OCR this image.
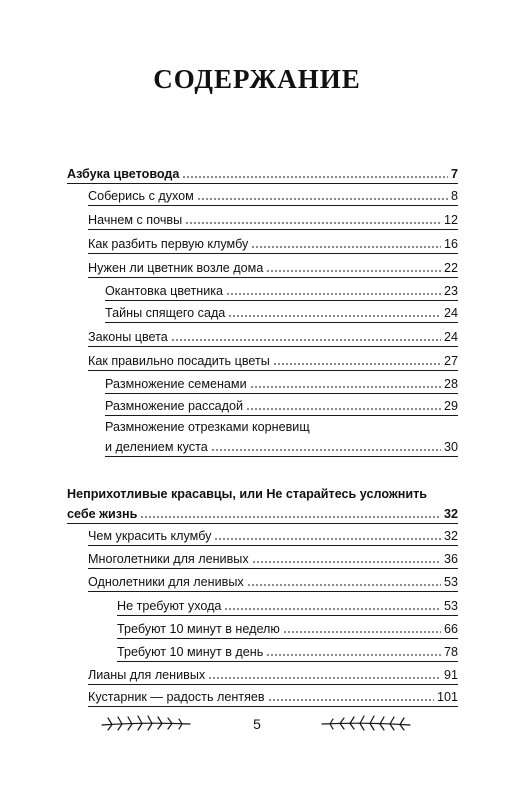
СОДЕРЖАНИЕ
Азбука цветовода	7
Соберись с духом	8
Начнем с почвы	12
Как разбить первую клумбу	16
Нужен ли цветник возле дома	22
Окантовка цветника	23
Тайны спящего сада	24
Законы цвета	24
Как правильно посадить цветы	27
Размножение семенами	28
Размножение рассадой	29
Размножение отрезками корневищ
и делением куста	30
Неприхотливые красавцы, или Не старайтесь усложнить
себе жизнь	32
Чем украсить клумбу	32
Многолетники для ленивых	36
Однолетники для ленивых	53
Не требуют ухода	53
Требуют 10 минут в неделю	66
Требуют 10 минут в день	78
Лианы для ленивых	91
Кустарник — радость лентяев	101
5
